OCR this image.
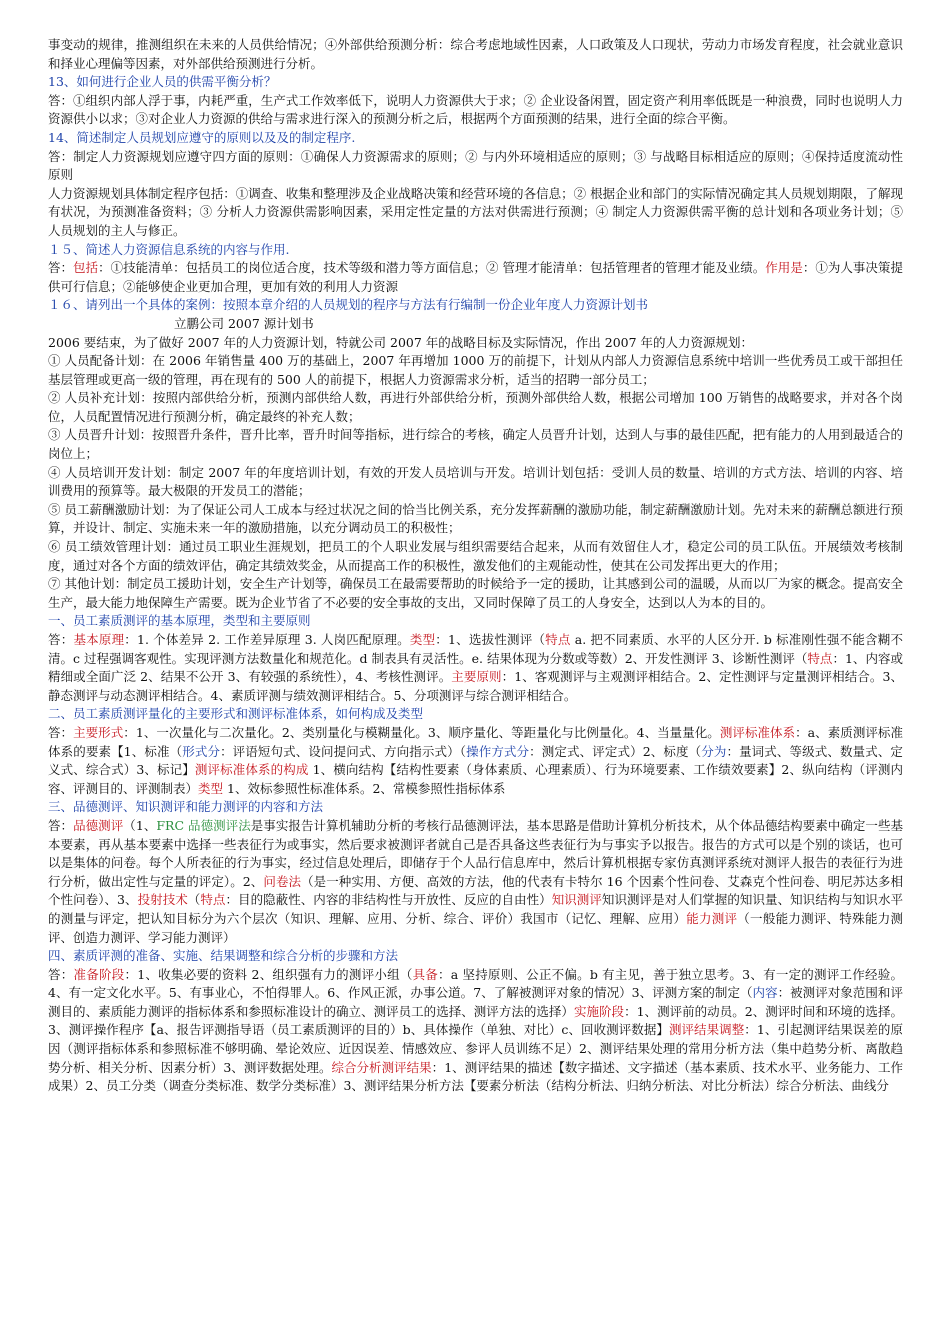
事变动的规律，推测组织在未来的人员供给情况；④外部供给预测分析：综合考虑地域性因素，人口政策及人口现状，劳动力市场发育程度，社会就业意识和择业心理偏等因素，对外部供给预测进行分析。

13、如何进行企业人员的供需平衡分析？

答：①组织内部人浮于事，内耗严重，生产式工作效率低下，说明人力资源供大于求；② 企业设备闲置，固定资产利用率低既是一种浪费，同时也说明人力资源供小以求；③对企业人力资源的供给与需求进行深入的预测分析之后，根据两个方面预测的结果，进行全面的综合平衡。

14、简述制定人员规划应遵守的原则以及及的制定程序.

答：制定人力资源规划应遵守四方面的原则：①确保人力资源需求的原则；② 与内外环境相适应的原则；③ 与战略目标相适应的原则；④保持适度流动性原则

人力资源规划具体制定程序包括：①调查、收集和整理涉及企业战略决策和经营环境的各信息；② 根据企业和部门的实际情况确定其人员规划期限，了解现有状况，为预测准备资料；③ 分析人力资源供需影响因素，采用定性定量的方法对供需进行预测；④ 制定人力资源供需平衡的总计划和各项业务计划；⑤ 人员规划的主人与修正。

１５、简述人力资源信息系统的内容与作用.

答：包括：①技能清单：包括员工的岗位适合度，技术等级和潜力等方面信息；② 管理才能清单：包括管理者的管理才能及业绩。作用是：①为人事决策提供可行信息；②能够使企业更加合理，更加有效的利用人力资源

１６、请列出一个具体的案例：按照本章介绍的人员规划的程序与方法有行编制一份企业年度人力资源计划书

立鹏公司 2007 源计划书

2006 要结束，为了做好 2007 年的人力资源计划，特就公司 2007 年的战略目标及实际情况，作出 2007 年的人力资源规划：

① 人员配备计划：在 2006 年销售量 400 万的基础上，2007 年再增加 1000 万的前提下，计划从内部人力资源信息系统中培训一些优秀员工或干部担任基层管理或更高一级的管理，再在现有的 500 人的前提下，根据人力资源需求分析，适当的招聘一部分员工；

② 人员补充计划：按照内部供给分析，预测内部供给人数，再进行外部供给分析，预测外部供给人数，根据公司增加 100 万销售的战略要求，并对各个岗位，人员配置情况进行预测分析，确定最终的补充人数；

③ 人员晋升计划：按照晋升条件，晋升比率，晋升时间等指标，进行综合的考核，确定人员晋升计划，达到人与事的最佳匹配，把有能力的人用到最适合的岗位上；

④ 人员培训开发计划：制定 2007 年的年度培训计划，有效的开发人员培训与开发。培训计划包括：受训人员的数量、培训的方式方法、培训的内容、培训费用的预算等。最大极限的开发员工的潜能；

⑤ 员工薪酬激励计划：为了保证公司人工成本与经过状况之间的恰当比例关系，充分发挥薪酬的激励功能，制定薪酬激励计划。先对未来的薪酬总额进行预算，并设计、制定、实施未来一年的激励措施，以充分调动员工的积极性；

⑥ 员工绩效管理计划：通过员工职业生涯规划，把员工的个人职业发展与组织需要结合起来，从而有效留住人才，稳定公司的员工队伍。开展绩效考核制度，通过对各个方面的绩效评估，确定其绩效奖金，从而提高工作的积极性，激发他们的主观能动性，使其在公司发挥出更大的作用；

⑦ 其他计划：制定员工援助计划，安全生产计划等，确保员工在最需要帮助的时候给予一定的援助，让其感到公司的温暖，从而以厂为家的概念。提高安全生产，最大能力地保障生产需要。既为企业节省了不必要的安全事故的支出，又同时保障了员工的人身安全，达到以人为本的目的。

一、员工素质测评的基本原理，类型和主要原则

答：基本原理：1. 个体差异 2. 工作差异原理 3. 人岗匹配原理。类型：1、选拔性测评（特点 a. 把不同素质、水平的人区分开. b 标准刚性强不能含糊不清。c 过程强调客观性。实现评测方法数量化和规范化。d 制表具有灵活性。e. 结果体现为分数或等数）2、开发性测评 3、诊断性测评（特点：1、内容或精细或全面广泛 2、结果不公开 3、有较强的系统性），4、考核性测评。主要原则：1、客观测评与主观测评相结合。2、定性测评与定量测评相结合。3、静态测评与动态测评相结合。4、素质评测与绩效测评相结合。5、分项测评与综合测评相结合。

二、员工素质测评量化的主要形式和测评标准体系，如何构成及类型

答：主要形式：1、一次量化与二次量化。2、类别量化与模糊量化。3、顺序量化、等距量化与比例量化。4、当量量化。测评标准体系：a、素质测评标准体系的要素【1、标准（形式分：评语短句式、设问提问式、方向指示式）（操作方式分：测定式、评定式）2、标度（分为：量词式、等级式、数量式、定义式、综合式）3、标记】测评标准体系的构成 1、横向结构【结构性要素（身体素质、心理素质）、行为环境要素、工作绩效要素】2、纵向结构（评测内容、评测目的、评测制表）类型 1、效标参照性标准体系。2、常模参照性指标体系

三、品德测评、知识测评和能力测评的内容和方法

答：品德测评（1、FRC 品德测评法是事实报告计算机辅助分析的考核行品德测评法，基本思路是借助计算机分析技术，从个体品德结构要素中确定一些基本要素，再从基本要素中选择一些表征行为或事实，然后要求被测评者就自己是否具备这些表征行为与事实予以报告。报告的方式可以是个别的谈话，也可以是集体的问卷。每个人所表征的行为事实，经过信息处理后，即储存于个人品行信息库中，然后计算机根据专家仿真测评系统对测评人报告的表征行为进行分析，做出定性与定量的评定）。2、问卷法（是一种实用、方便、高效的方法，他的代表有卡特尔 16 个因素个性问卷、艾森克个性问卷、明尼苏达多相个性问卷）、3、投射技术（特点：目的隐蔽性、内容的非结构性与开放性、反应的自由性）知识测评知识测评是对人们掌握的知识量、知识结构与知识水平的测量与评定，把认知目标分为六个层次（知识、理解、应用、分析、综合、评价）我国市（记忆、理解、应用）能力测评（一般能力测评、特殊能力测评、创造力测评、学习能力测评）

四、素质评测的准备、实施、结果调整和综合分析的步骤和方法

答：准备阶段：1、收集必要的资料 2、组织强有力的测评小组（具备：a 坚持原则、公正不偏。b 有主见，善于独立思考。3、有一定的测评工作经验。4、有一定文化水平。5、有事业心，不怕得罪人。6、作风正派，办事公道。7、了解被测评对象的情况）3、评测方案的制定（内容：被测评对象范围和评测目的、素质能力测评的指标体系和参照标准设计的确立、测评员工的选择、测评方法的选择）实施阶段：1、测评前的动员。2、测评时间和环境的选择。3、测评操作程序【a、报告评测指导语（员工素质测评的目的）b、具体操作（单独、对比）c、回收测评数据】测评结果调整：1、引起测评结果误差的原因（测评指标体系和参照标准不够明确、晕论效应、近因误差、情感效应、参评人员训练不足）2、测评结果处理的常用分析方法（集中趋势分析、离散趋势分析、相关分析、因素分析）3、测评数据处理。综合分析测评结果：1、测评结果的描述【数字描述、文字描述（基本素质、技术水平、业务能力、工作成果）2、员工分类（调查分类标准、数学分类标准）3、测评结果分析方法【要素分析法（结构分析法、归纳分析法、对比分析法）综合分析法、曲线分
